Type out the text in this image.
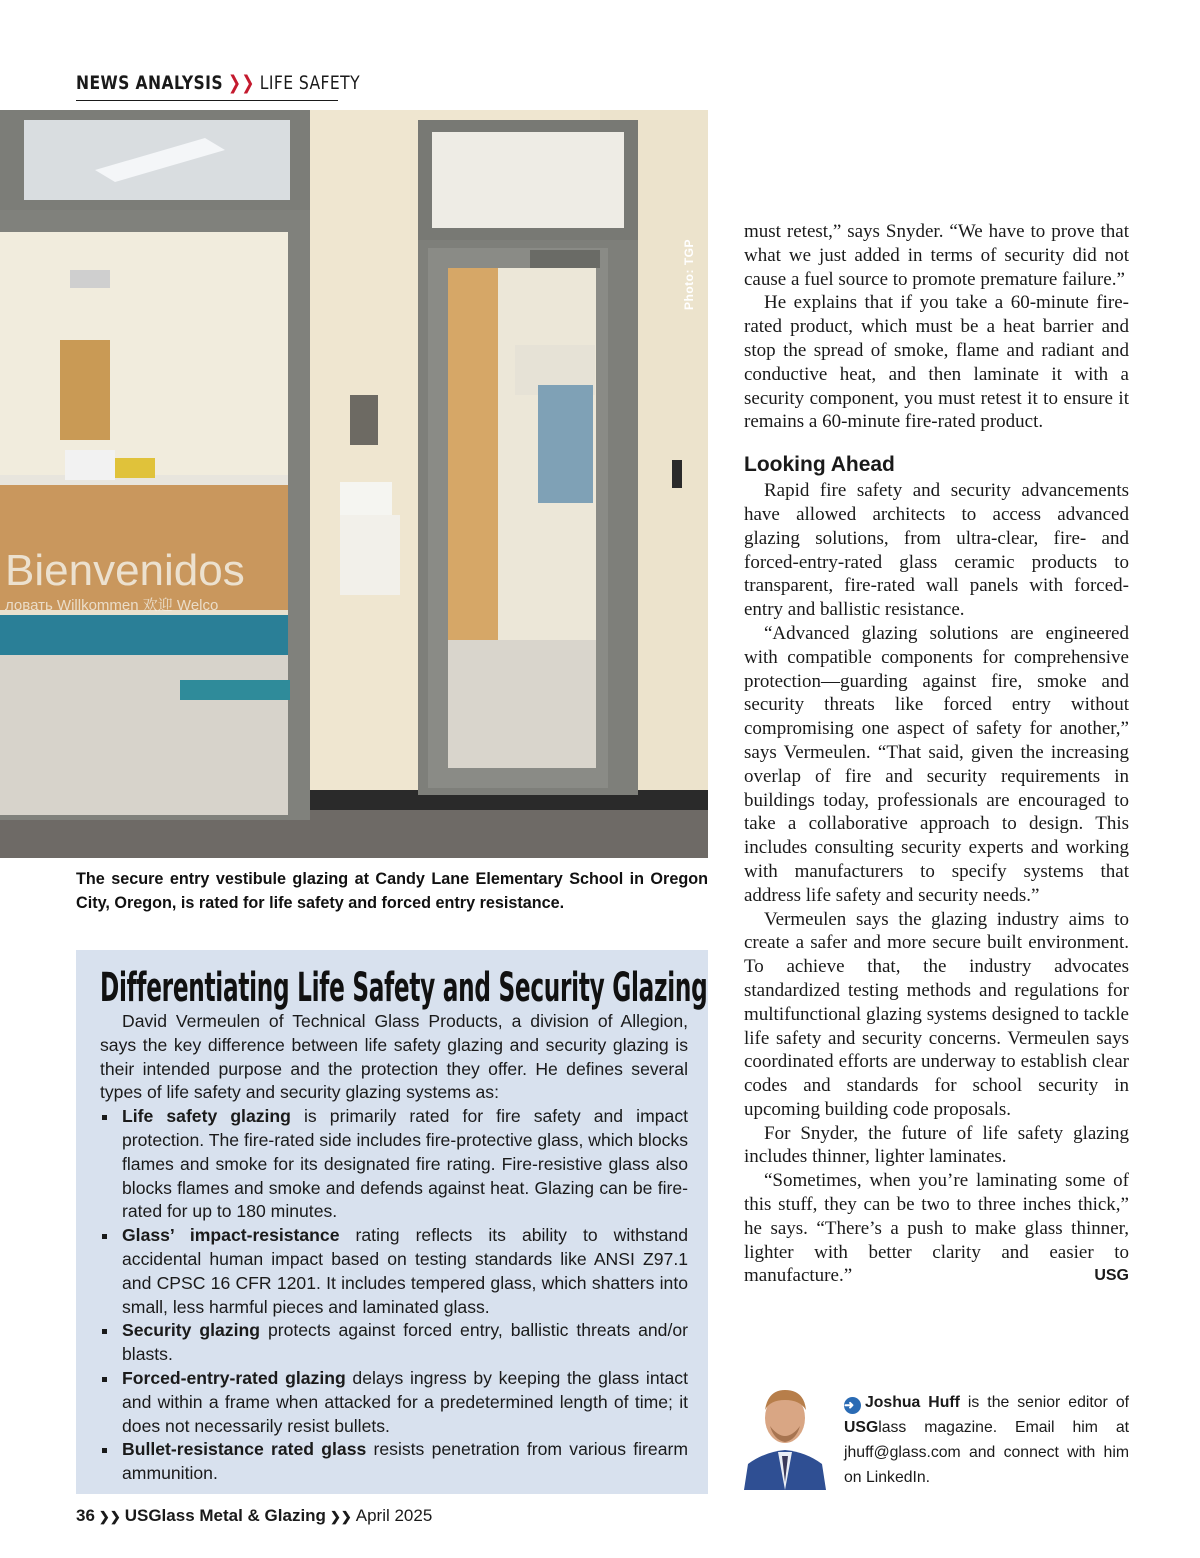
NEWS ANALYSIS ❯❯ LIFE SAFETY
Bienvenidos
ловать Willkommen 欢迎 Welco
Photo: TGP
The secure entry vestibule glazing at Candy Lane Elementary School in Oregon City, Oregon, is rated for life safety and forced entry resistance.

must retest,” says Snyder. “We have to prove that what we just added in terms of security did not cause a fuel source to promote premature failure.”

He explains that if you take a 60-minute fire-rated product, which must be a heat barrier and stop the spread of smoke, flame and radiant and conductive heat, and then laminate it with a security component, you must retest it to ensure it remains a 60-minute fire-rated product.

Looking Ahead

Rapid fire safety and security advancements have allowed architects to access advanced glazing solutions, from ultra-clear, fire- and forced-entry-rated glass ceramic products to transparent, fire-rated wall panels with forced-entry and ballistic resistance.

“Advanced glazing solutions are engineered with compatible components for comprehensive protection—guarding against fire, smoke and security threats like forced entry without compromising one aspect of safety for another,” says Vermeulen. “That said, given the increasing overlap of fire and security requirements in buildings today, professionals are encouraged to take a collaborative approach to design. This includes consulting security experts and working with manufacturers to specify systems that address life safety and security needs.”

Vermeulen says the glazing industry aims to create a safer and more secure built environment. To achieve that, the industry advocates standardized testing methods and regulations for multifunctional glazing systems designed to tackle life safety and security concerns. Vermeulen says coordinated efforts are underway to establish clear codes and standards for school security in upcoming building code proposals.

For Snyder, the future of life safety glazing includes thinner, lighter laminates.

“Sometimes, when you’re laminating some of this stuff, they can be two to three inches thick,” he says. “There’s a push to make glass thinner, lighter with better clarity and easier to manufacture.”	USG

Differentiating Life Safety and Security Glazing

David Vermeulen of Technical Glass Products, a division of Allegion, says the key difference between life safety glazing and security glazing is their intended purpose and the protection they offer. He defines several types of life safety and security glazing systems as:

Life safety glazing is primarily rated for fire safety and impact protection. The fire-rated side includes fire-protective glass, which blocks flames and smoke for its designated fire rating. Fire-resistive glass also blocks flames and smoke and defends against heat. Glazing can be fire-rated for up to 180 minutes.
Glass’ impact-resistance rating reflects its ability to withstand accidental human impact based on testing standards like ANSI Z97.1 and CPSC 16 CFR 1201. It includes tempered glass, which shatters into small, less harmful pieces and laminated glass.
Security glazing protects against forced entry, ballistic threats and/or blasts.
Forced-entry-rated glazing delays ingress by keeping the glass intact and within a frame when attacked for a predetermined length of time; it does not necessarily resist bullets.
Bullet-resistance rated glass resists penetration from various firearm ammunition.
➜ Joshua Huff is the senior editor of USGlass magazine. Email him at jhuff@glass.com and connect with him on LinkedIn.
36 ❯❯ USGlass Metal & Glazing ❯❯ April 2025
